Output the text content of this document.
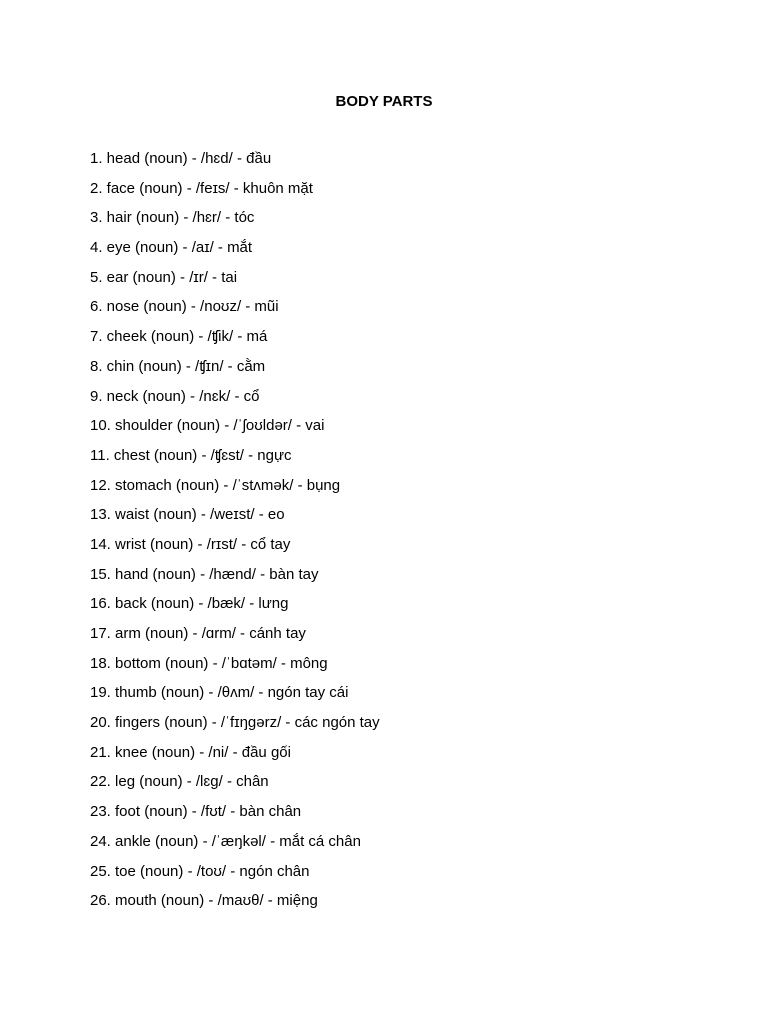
BODY PARTS
1. head (noun) - /hɛd/ - đầu
2. face (noun) - /feɪs/ - khuôn mặt
3. hair (noun) - /hɛr/ - tóc
4. eye (noun) - /aɪ/ - mắt
5. ear (noun) - /ɪr/ - tai
6. nose (noun) - /noʊz/ - mũi
7. cheek (noun) - /ʧik/ - má
8. chin (noun) - /ʧɪn/ - cằm
9. neck (noun) - /nɛk/ - cổ
10. shoulder (noun) - /ˈʃoʊldər/ - vai
11. chest (noun) - /ʧɛst/ - ngực
12. stomach (noun) - /ˈstʌmək/ - bụng
13. waist (noun) - /weɪst/ - eo
14. wrist (noun) - /rɪst/ - cổ tay
15. hand (noun) - /hænd/ - bàn tay
16. back (noun) - /bæk/ - lưng
17. arm (noun) - /ɑrm/ - cánh tay
18. bottom (noun) - /ˈbɑtəm/ - mông
19. thumb (noun) - /θʌm/ - ngón tay cái
20. fingers (noun) - /ˈfɪŋgərz/ - các ngón tay
21. knee (noun) - /ni/ - đầu gối
22. leg (noun) - /lɛg/ - chân
23. foot (noun) - /fʊt/ - bàn chân
24. ankle (noun) - /ˈæŋkəl/ - mắt cá chân
25. toe (noun) - /toʊ/ - ngón chân
26. mouth (noun) - /maʊθ/ - miệng
